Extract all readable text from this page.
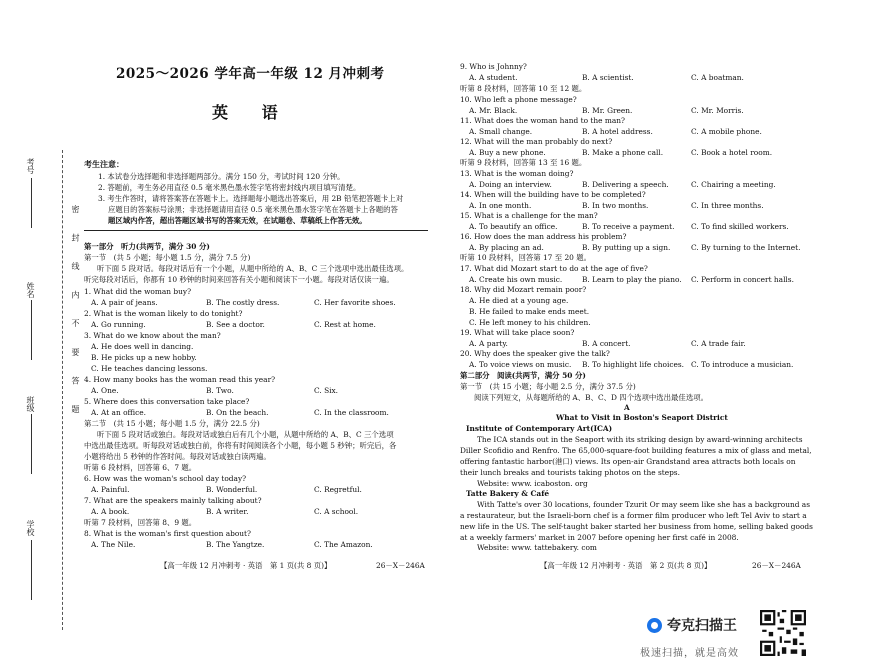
考号
密 封 线 内 不 要 答 题
姓名
班级
学校
2025～2026 学年高一年级 12 月冲刺考
英 语
考生注意：
1. 本试卷分选择题和非选择题两部分。满分 150 分，考试时间 120 分钟。
2. 答题前，考生务必用直径 0.5 毫米黑色墨水签字笔将密封线内项目填写清楚。
3. 考生作答时，请将答案答在答题卡上。选择题每小题选出答案后，用 2B 铅笔把答题卡上对
应题目的答案标号涂黑；非选择题请用直径 0.5 毫米黑色墨水签字笔在答题卡上各题的答
题区域内作答，超出答题区域书写的答案无效，在试题卷、草稿纸上作答无效。
第一部分　听力(共两节，满分 30 分)
第一节　(共 5 小题；每小题 1.5 分，满分 7.5 分)
听下面 5 段对话。每段对话后有一个小题，从题中所给的 A、B、C 三个选项中选出最佳选项。
听完每段对话后，你都有 10 秒钟的时间来回答有关小题和阅读下一小题。每段对话仅读一遍。
1. What did the woman buy?
A. A pair of jeans.	B. The costly dress.	C. Her favorite shoes.
2. What is the woman likely to do tonight?
A. Go running.	B. See a doctor.	C. Rest at home.
3. What do we know about the man?
A. He does well in dancing.
B. He picks up a new hobby.
C. He teaches dancing lessons.
4. How many books has the woman read this year?
A. One.	B. Two.	C. Six.
5. Where does this conversation take place?
A. At an office.	B. On the beach.	C. In the classroom.
第二节　(共 15 小题；每小题 1.5 分，满分 22.5 分)
听下面 5 段对话或独白。每段对话或独白后有几个小题，从题中所给的 A、B、C 三个选项
中选出最佳选项。听每段对话或独白前，你将有时间阅读各个小题，每小题 5 秒钟；听完后，各
小题将给出 5 秒钟的作答时间。每段对话或独白读两遍。
听第 6 段材料，回答第 6、7 题。
6. How was the woman's school day today?
A. Painful.	B. Wonderful.	C. Regretful.
7. What are the speakers mainly talking about?
A. A book.	B. A writer.	C. A school.
听第 7 段材料，回答第 8、9 题。
8. What is the woman's first question about?
A. The Nile.	B. The Yangtze.	C. The Amazon.
【高一年级 12 月冲刺考 · 英语　第 1 页(共 8 页)】	26－X－246A
9. Who is Johnny?
A. A student.	B. A scientist.	C. A boatman.
听第 8 段材料，回答第 10 至 12 题。
10. Who left a phone message?
A. Mr. Black.	B. Mr. Green.	C. Mr. Morris.
11. What does the woman hand to the man?
A. Small change.	B. A hotel address.	C. A mobile phone.
12. What will the man probably do next?
A. Buy a new phone.	B. Make a phone call.	C. Book a hotel room.
听第 9 段材料，回答第 13 至 16 题。
13. What is the woman doing?
A. Doing an interview.	B. Delivering a speech.	C. Chairing a meeting.
14. When will the building have to be completed?
A. In one month.	B. In two months.	C. In three months.
15. What is a challenge for the man?
A. To beautify an office.	B. To receive a payment. C. To find skilled workers.
16. How does the man address his problem?
A. By placing an ad.	B. By putting up a sign.	C. By turning to the Internet.
听第 10 段材料，回答第 17 至 20 题。
17. What did Mozart start to do at the age of five?
A. Create his own music.	B. Learn to play the piano. C. Perform in concert halls.
18. Why did Mozart remain poor?
A. He died at a young age.
B. He failed to make ends meet.
C. He left money to his children.
19. What will take place soon?
A. A party.	B. A concert.	C. A trade fair.
20. Why does the speaker give the talk?
A. To voice views on music. B. To highlight life choices. C. To introduce a musician.
第二部分　阅读(共两节，满分 50 分)
第一节　(共 15 小题；每小题 2.5 分，满分 37.5 分)
阅读下列短文，从每题所给的 A、B、C、D 四个选项中选出最佳选项。
A
What to Visit in Boston's Seaport District
Institute of Contemporary Art(ICA)
The ICA stands out in the Seaport with its striking design by award-winning architects
Diller Scofidio and Renfro. The 65,000-square-foot building features a mix of glass and metal,
offering fantastic harbor(港口) views. Its open-air Grandstand area attracts both locals on
their lunch breaks and tourists taking photos on the steps.
Website: www. icaboston. org
Tatte Bakery & Café
With Tatte's over 30 locations, founder Tzurit Or may seem like she has a background as
a restaurateur, but the Israeli-born chef is a former film producer who left Tel Aviv to start a
new life in the US. The self-taught baker started her business from home, selling baked goods
at a weekly farmers' market in 2007 before opening her first café in 2008.
Website: www. tattebakery. com
【高一年级 12 月冲刺考 · 英语　第 2 页(共 8 页)】	26－X－246A
夸克扫描王
极速扫描，就是高效
